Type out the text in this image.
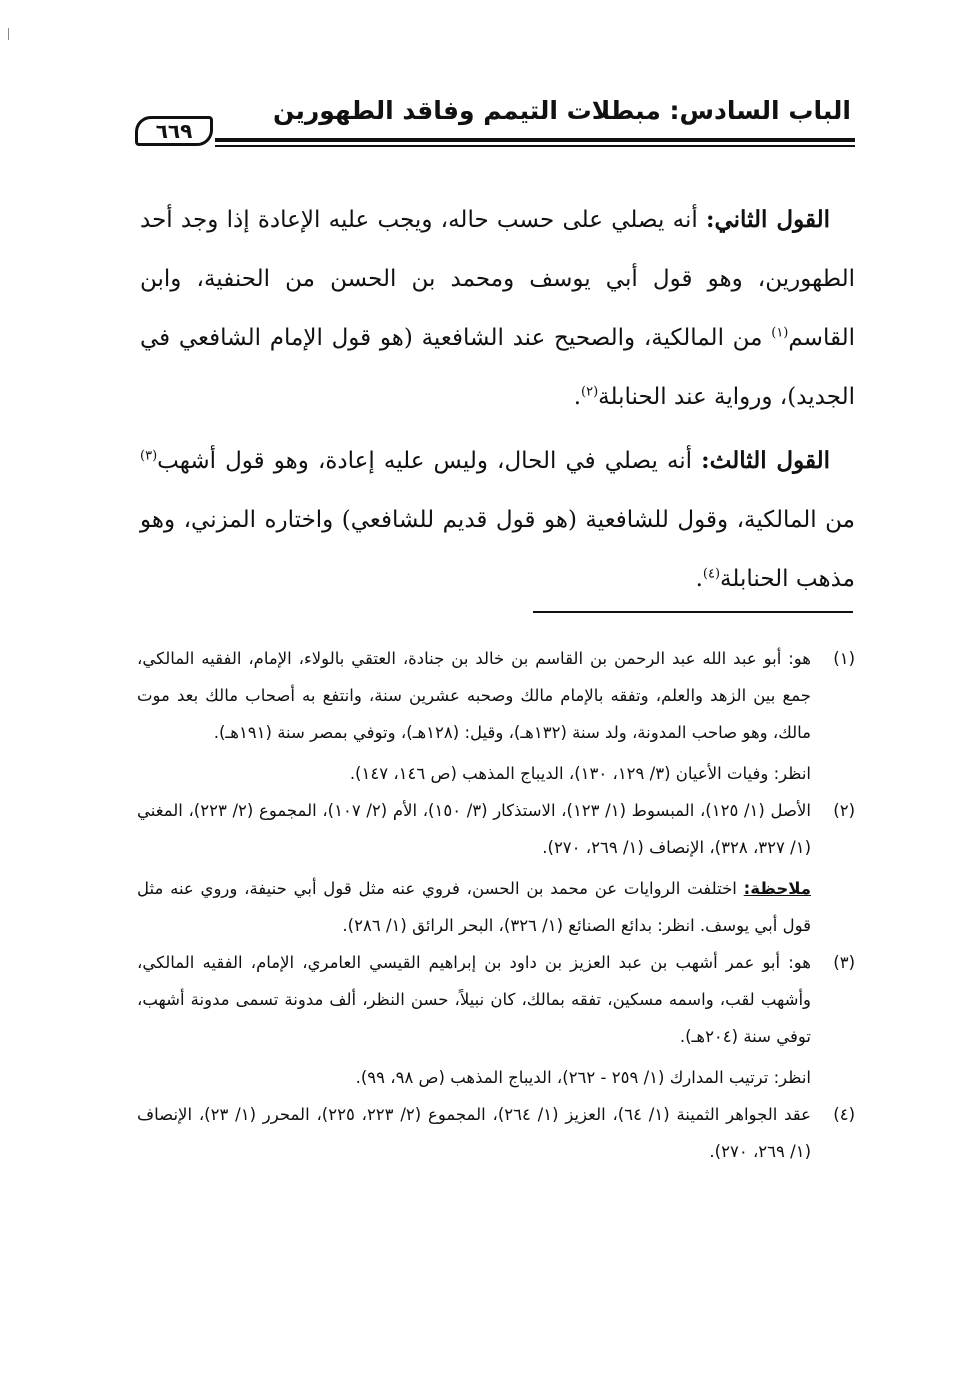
الباب السادس: مبطلات التيمم وفاقد الطهورين
٦٦٩

القول الثاني: أنه يصلي على حسب حاله، ويجب عليه الإعادة إذا وجد أحد الطهورين، وهو قول أبي يوسف ومحمد بن الحسن من الحنفية، وابن القاسم$^{(١)}$ من المالكية، والصحيح عند الشافعية (هو قول الإمام الشافعي في الجديد)، ورواية عند الحنابلة$^{(٢)}$.

القول الثالث: أنه يصلي في الحال، وليس عليه إعادة، وهو قول أشهب$^{(٣)}$ من المالكية، وقول للشافعية (هو قول قديم للشافعي) واختاره المزني، وهو مذهب الحنابلة$^{(٤)}$.

(١)

هو: أبو عبد الله عبد الرحمن بن القاسم بن خالد بن جنادة، العتقي بالولاء، الإمام، الفقيه المالكي، جمع بين الزهد والعلم، وتفقه بالإمام مالك وصحبه عشرين سنة، وانتفع به أصحاب مالك بعد موت مالك، وهو صاحب المدونة، ولد سنة (١٣٢هـ)، وقيل: (١٢٨هـ)، وتوفي بمصر سنة (١٩١هـ).

انظر: وفيات الأعيان (٣/ ١٢٩، ١٣٠)، الديباج المذهب (ص ١٤٦، ١٤٧).

(٢)

الأصل (١/ ١٢٥)، المبسوط (١/ ١٢٣)، الاستذكار (٣/ ١٥٠)، الأم (٢/ ١٠٧)، المجموع (٢/ ٢٢٣)، المغني (١/ ٣٢٧، ٣٢٨)، الإنصاف (١/ ٢٦٩، ٢٧٠).

ملاحظة: اختلفت الروايات عن محمد بن الحسن، فروي عنه مثل قول أبي حنيفة، وروي عنه مثل قول أبي يوسف. انظر: بدائع الصنائع (١/ ٣٢٦)، البحر الرائق (١/ ٢٨٦).

(٣)

هو: أبو عمر أشهب بن عبد العزيز بن داود بن إبراهيم القيسي العامري، الإمام، الفقيه المالكي، وأشهب لقب، واسمه مسكين، تفقه بمالك، كان نبيلاً، حسن النظر، ألف مدونة تسمى مدونة أشهب، توفي سنة (٢٠٤هـ).

انظر: ترتيب المدارك (١/ ٢٥٩ - ٢٦٢)، الديباج المذهب (ص ٩٨، ٩٩).

(٤)

عقد الجواهر الثمينة (١/ ٦٤)، العزيز (١/ ٢٦٤)، المجموع (٢/ ٢٢٣، ٢٢٥)، المحرر (١/ ٢٣)، الإنصاف (١/ ٢٦٩، ٢٧٠).
